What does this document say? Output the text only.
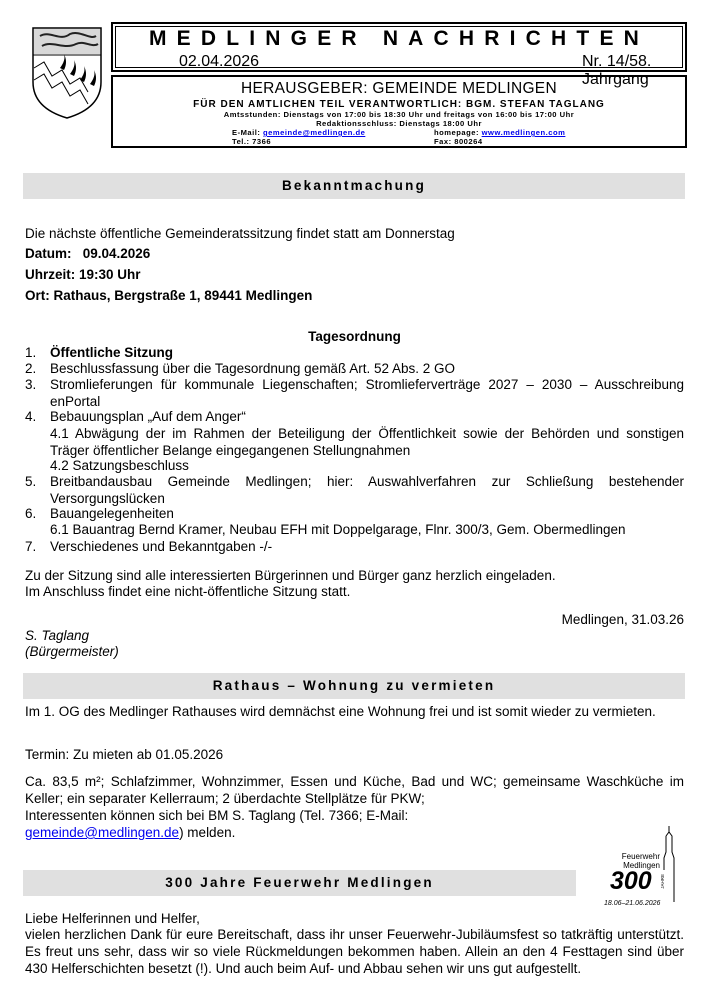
MEDLINGER NACHRICHTEN
02.04.2026	Nr. 14/58. Jahrgang
HERAUSGEBER: GEMEINDE MEDLINGEN
FÜR DEN AMTLICHEN TEIL VERANTWORTLICH: BGM. STEFAN TAGLANG
Amtsstunden: Dienstags von 17:00 bis 18:30 Uhr und freitags von 16:00 bis 17:00 Uhr
Redaktionsschluss: Dienstags 18:00 Uhr
E-Mail: gemeinde@medlingen.de
Tel.: 7366
homepage: www.medlingen.com
Fax: 800264
Bekanntmachung
Die nächste öffentliche Gemeinderatssitzung findet statt am Donnerstag
Datum:   09.04.2026
Uhrzeit: 19:30 Uhr
Ort: Rathaus, Bergstraße 1, 89441 Medlingen
Tagesordnung
1. Öffentliche Sitzung
2. Beschlussfassung über die Tagesordnung gemäß Art. 52 Abs. 2 GO
3. Stromlieferungen für kommunale Liegenschaften; Stromlieferverträge 2027 – 2030 – Ausschreibung enPortal
4. Bebauungsplan „Auf dem Anger“
4.1 Abwägung der im Rahmen der Beteiligung der Öffentlichkeit sowie der Behörden und sonstigen Träger öffentlicher Belange eingegangenen Stellungnahmen
4.2 Satzungsbeschluss
5. Breitbandausbau Gemeinde Medlingen; hier: Auswahlverfahren zur Schließung bestehender Versorgungslücken
6. Bauangelegenheiten
6.1 Bauantrag Bernd Kramer, Neubau EFH mit Doppelgarage, Flnr. 300/3, Gem. Obermedlingen
7. Verschiedenes und Bekanntgaben -/-
Zu der Sitzung sind alle interessierten Bürgerinnen und Bürger ganz herzlich eingeladen.
Im Anschluss findet eine nicht-öffentliche Sitzung statt.
Medlingen, 31.03.26
S. Taglang
(Bürgermeister)
Rathaus – Wohnung zu vermieten
Im 1. OG des Medlinger Rathauses wird demnächst eine Wohnung frei und ist somit wieder zu vermieten.
Termin: Zu mieten ab 01.05.2026
Ca. 83,5 m²; Schlafzimmer, Wohnzimmer, Essen und Küche, Bad und WC; gemeinsame Waschküche im Keller; ein separater Kellerraum; 2 überdachte Stellplätze für PKW;
Interessenten können sich bei BM S. Taglang (Tel. 7366; E-Mail:
gemeinde@medlingen.de) melden.
300 Jahre Feuerwehr Medlingen
Feuerwehr
Medlingen
300 JAHRE
18.06–21.06.2026
Liebe Helferinnen und Helfer,
vielen herzlichen Dank für eure Bereitschaft, dass ihr unser Feuerwehr-Jubiläumsfest so tatkräftig unterstützt. Es freut uns sehr, dass wir so viele Rückmeldungen bekommen haben. Allein an den 4 Festtagen sind über 430 Helferschichten besetzt (!). Und auch beim Auf- und Abbau sehen wir uns gut aufgestellt.
